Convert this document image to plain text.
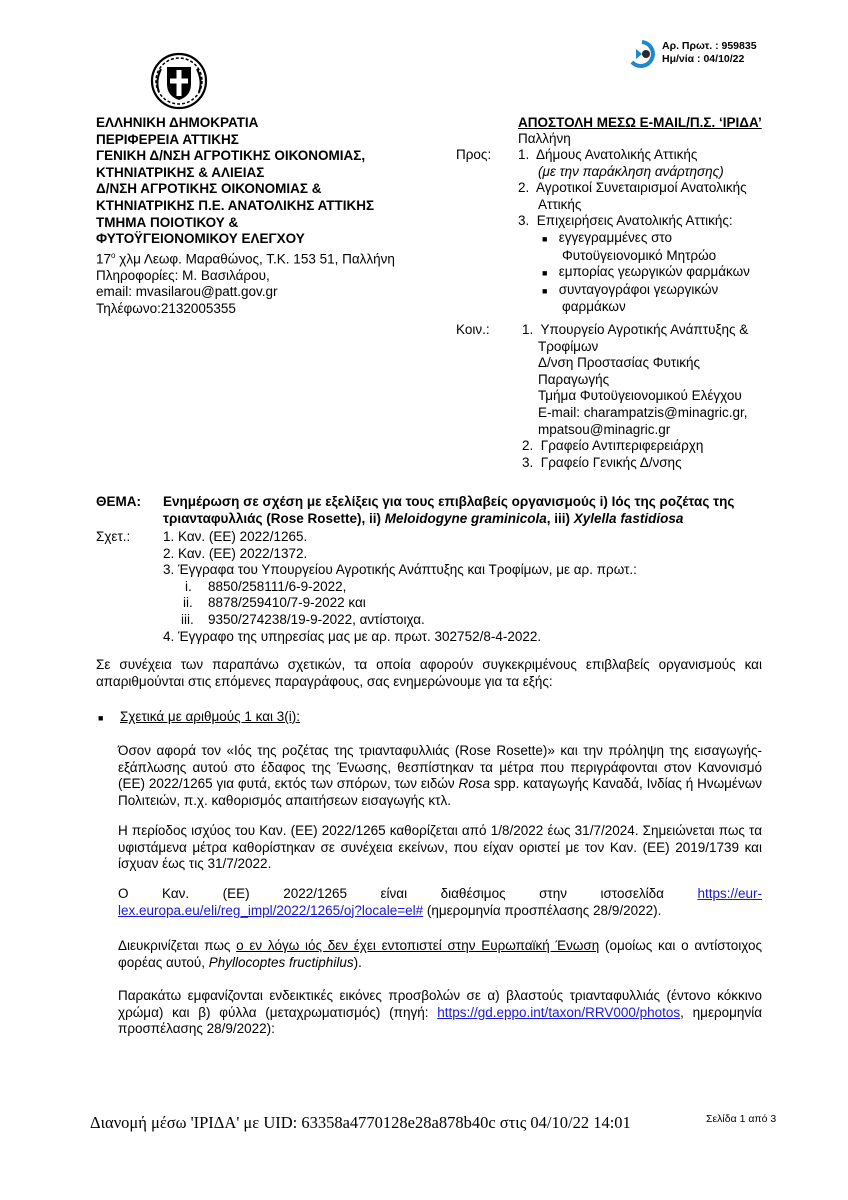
Αρ. Πρωτ. : 959835
Ημ/νία : 04/10/22
ΕΛΛΗΝΙΚΗ ΔΗΜΟΚΡΑΤΙΑ
ΠΕΡΙΦΕΡΕΙΑ ΑΤΤΙΚΗΣ
ΓΕΝΙΚΗ Δ/ΝΣΗ ΑΓΡΟΤΙΚΗΣ ΟΙΚΟΝΟΜΙΑΣ,
ΚΤΗΝΙΑΤΡΙΚΗΣ & ΑΛΙΕΙΑΣ
Δ/ΝΣΗ ΑΓΡΟΤΙΚΗΣ ΟΙΚΟΝΟΜΙΑΣ &
ΚΤΗΝΙΑΤΡΙΚΗΣ Π.Ε. ΑΝΑΤΟΛΙΚΗΣ ΑΤΤΙΚΗΣ
ΤΜΗΜΑ ΠΟΙΟΤΙΚΟΥ &
ΦΥΤΟΫΓΕΙΟΝΟΜΙΚΟΥ ΕΛΕΓΧΟΥ
$17^o$ χλμ Λεωφ. Μαραθώνος, Τ.Κ. 153 51, Παλλήνη
Πληροφορίες: Μ. Βασιλάρου,
email: mvasilarou@patt.gov.gr
Τηλέφωνο:2132005355
ΑΠΟΣΤΟΛΗ ΜΕΣΩ E-MAIL/Π.Σ. ‘ΙΡΙΔΑ’
Παλλήνη
Προς: 1. Δήμους Ανατολικής Αττικής
(με την παράκληση ανάρτησης)
2. Αγροτικοί Συνεταιρισμοί Ανατολικής
Αττικής
3. Επιχειρήσεις Ανατολικής Αττικής:
■ εγγεγραμμένες στο
Φυτοϋγειονομικό Μητρώο
■ εμπορίας γεωργικών φαρμάκων
■ συνταγογράφοι γεωργικών
φαρμάκων
Κοιν.: 1. Υπουργείο Αγροτικής Ανάπτυξης &
Τροφίμων
Δ/νση Προστασίας Φυτικής
Παραγωγής
Τμήμα Φυτοϋγειονομικού Ελέγχου
E-mail: charampatzis@minagric.gr,
mpatsou@minagric.gr
2. Γραφείο Αντιπεριφερειάρχη
3. Γραφείο Γενικής Δ/νσης
ΘΕΜΑ: Ενημέρωση σε σχέση με εξελίξεις για τους επιβλαβείς οργανισμούς i) Ιός της ροζέτας της
τριανταφυλλιάς (Rose Rosette), ii) Meloidogyne graminicola, iii) Xylella fastidiosa
Σχετ.: 1. Καν. (ΕΕ) 2022/1265.
2. Καν. (ΕΕ) 2022/1372.
3. Έγγραφα του Υπουργείου Αγροτικής Ανάπτυξης και Τροφίμων, με αρ. πρωτ.:
i. 8850/258111/6-9-2022,
ii. 8878/259410/7-9-2022 και
iii. 9350/274238/19-9-2022, αντίστοιχα.
4. Έγγραφο της υπηρεσίας μας με αρ. πρωτ. 302752/8-4-2022.
Σε συνέχεια των παραπάνω σχετικών, τα οποία αφορούν συγκεκριμένους επιβλαβείς οργανισμούς και απαριθμούνται στις επόμενες παραγράφους, σας ενημερώνουμε για τα εξής:
■ Σχετικά με αριθμούς 1 και 3(i):
Όσον αφορά τον «Ιός της ροζέτας της τριανταφυλλιάς (Rose Rosette)» και την πρόληψη της εισαγωγής-εξάπλωσης αυτού στο έδαφος της Ένωσης, θεσπίστηκαν τα μέτρα που περιγράφονται στον Κανονισμό (ΕΕ) 2022/1265 για φυτά, εκτός των σπόρων, των ειδών Rosa spp. καταγωγής Καναδά, Ινδίας ή Ηνωμένων Πολιτειών, π.χ. καθορισμός απαιτήσεων εισαγωγής κτλ.
Η περίοδος ισχύος του Καν. (ΕΕ) 2022/1265 καθορίζεται από 1/8/2022 έως 31/7/2024. Σημειώνεται πως τα υφιστάμενα μέτρα καθορίστηκαν σε συνέχεια εκείνων, που είχαν οριστεί με τον Καν. (ΕΕ) 2019/1739 και ίσχυαν έως τις 31/7/2022.
Ο Καν. (ΕΕ) 2022/1265 είναι διαθέσιμος στην ιστοσελίδα https://eur-lex.europa.eu/eli/reg_impl/2022/1265/oj?locale=el# (ημερομηνία προσπέλασης 28/9/2022).
Διευκρινίζεται πως ο εν λόγω ιός δεν έχει εντοπιστεί στην Ευρωπαϊκή Ένωση (ομοίως και ο αντίστοιχος φορέας αυτού, Phyllocoptes fructiphilus).
Παρακάτω εμφανίζονται ενδεικτικές εικόνες προσβολών σε α) βλαστούς τριανταφυλλιάς (έντονο κόκκινο χρώμα) και β) φύλλα (μεταχρωματισμός) (πηγή: https://gd.eppo.int/taxon/RRV000/photos, ημερομηνία προσπέλασης 28/9/2022):
Διανομή μέσω 'ΙΡΙΔΑ' με UID: 63358a4770128e28a878b40c στις 04/10/22 14:01	Σελίδα 1 από 3
